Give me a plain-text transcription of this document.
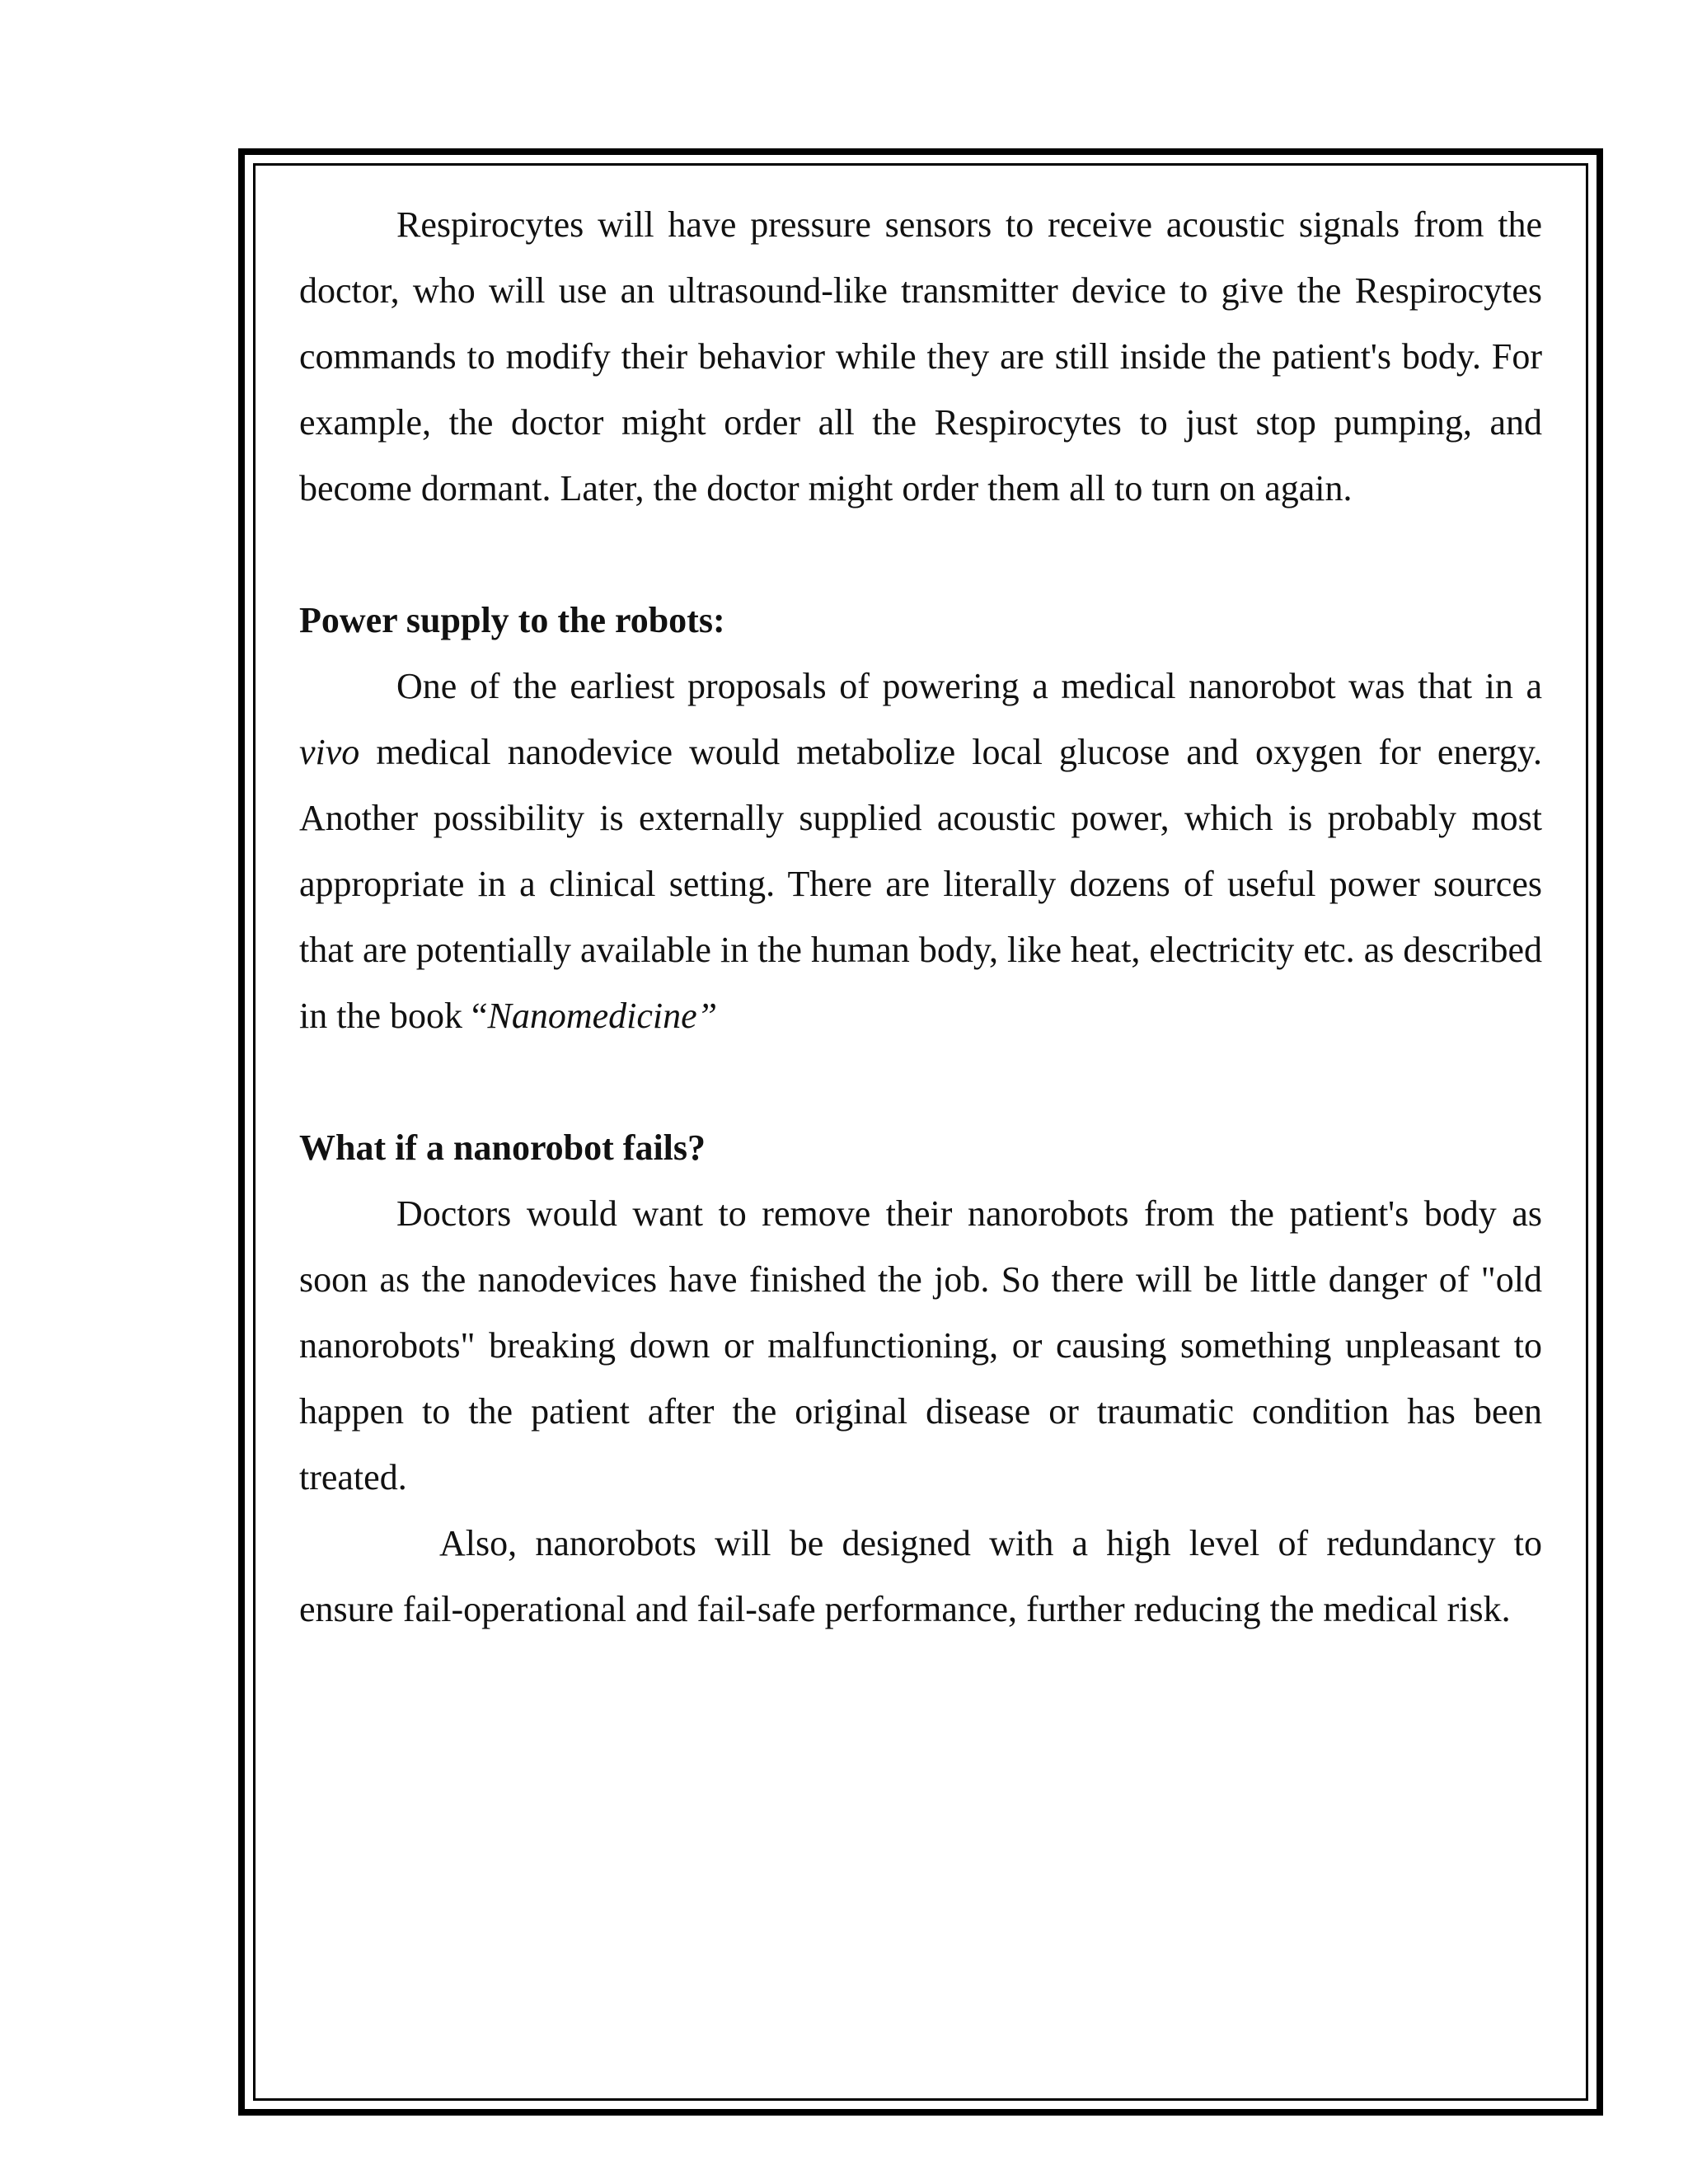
Respirocytes will have pressure sensors to receive acoustic signals from the doctor, who will use an ultrasound-like transmitter device to give the Respirocytes commands to modify their behavior while they are still inside the patient's body. For example, the doctor might order all the Respirocytes to just stop pumping, and become dormant. Later, the doctor might order them all to turn on again.

Power supply to the robots:

One of the earliest proposals of powering a medical nanorobot was that in a vivo medical nanodevice would metabolize local glucose and oxygen for energy. Another possibility is externally supplied acoustic power, which is probably most appropriate in a clinical setting. There are literally dozens of useful power sources that are potentially available in the human body, like heat, electricity etc. as described in the book “Nanomedicine”

What if a nanorobot fails?

Doctors would want to remove their nanorobots from the patient's body as soon as the nanodevices have finished the job. So there will be little danger of "old nanorobots" breaking down or malfunctioning, or causing something unpleasant to happen to the patient after the original disease or traumatic condition has been treated.

Also, nanorobots will be designed with a high level of redundancy to ensure fail-operational and fail-safe performance, further reducing the medical risk.
